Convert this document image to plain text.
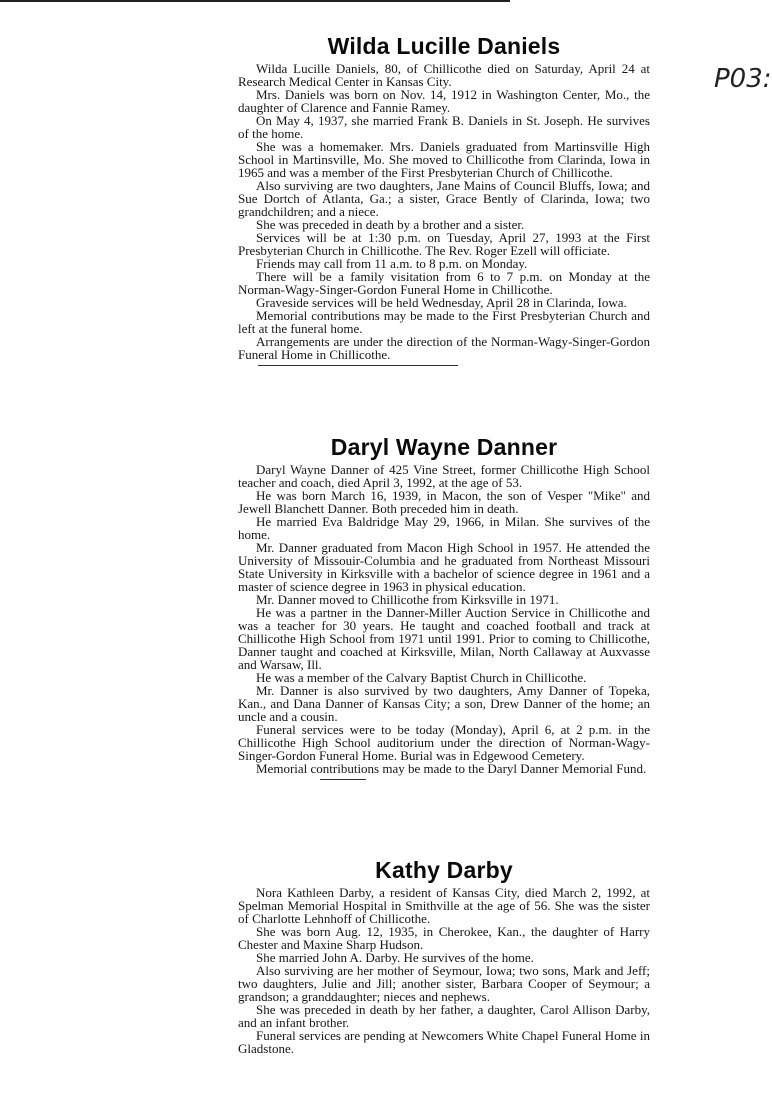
P03:
Wilda Lucille Daniels

Wilda Lucille Daniels, 80, of Chillicothe died on Saturday, April 24 at Research Medical Center in Kansas City.

Mrs. Daniels was born on Nov. 14, 1912 in Washington Center, Mo., the daughter of Clarence and Fannie Ramey.

On May 4, 1937, she married Frank B. Daniels in St. Joseph. He survives of the home.

She was a homemaker. Mrs. Daniels graduated from Martinsville High School in Martinsville, Mo. She moved to Chillicothe from Clarinda, Iowa in 1965 and was a member of the First Presbyterian Church of Chillicothe.

Also surviving are two daughters, Jane Mains of Council Bluffs, Iowa; and Sue Dortch of Atlanta, Ga.; a sister, Grace Bently of Clarinda, Iowa; two grandchildren; and a niece.

She was preceded in death by a brother and a sister.

Services will be at 1:30 p.m. on Tuesday, April 27, 1993 at the First Presbyterian Church in Chillicothe. The Rev. Roger Ezell will officiate.

Friends may call from 11 a.m. to 8 p.m. on Monday.

There will be a family visitation from 6 to 7 p.m. on Monday at the Norman-Wagy-Singer-Gordon Funeral Home in Chillicothe.

Graveside services will be held Wednesday, April 28 in Clarinda, Iowa.

Memorial contributions may be made to the First Presbyterian Church and left at the funeral home.

Arrangements are under the direction of the Norman-Wagy-Singer-Gordon Funeral Home in Chillicothe.

Daryl Wayne Danner

Daryl Wayne Danner of 425 Vine Street, former Chillicothe High School teacher and coach, died April 3, 1992, at the age of 53.

He was born March 16, 1939, in Macon, the son of Vesper "Mike" and Jewell Blanchett Danner. Both preceded him in death.

He married Eva Baldridge May 29, 1966, in Milan. She survives of the home.

Mr. Danner graduated from Macon High School in 1957. He attended the University of Missouir-Columbia and he graduated from Northeast Missouri State University in Kirksville with a bachelor of science degree in 1961 and a master of science degree in 1963 in physical education.

Mr. Danner moved to Chillicothe from Kirksville in 1971.

He was a partner in the Danner-Miller Auction Service in Chillicothe and was a teacher for 30 years. He taught and coached football and track at Chillicothe High School from 1971 until 1991. Prior to coming to Chillicothe, Danner taught and coached at Kirksville, Milan, North Callaway at Auxvasse and Warsaw, Ill.

He was a member of the Calvary Baptist Church in Chillicothe.

Mr. Danner is also survived by two daughters, Amy Danner of Topeka, Kan., and Dana Danner of Kansas City; a son, Drew Danner of the home; an uncle and a cousin.

Funeral services were to be today (Monday), April 6, at 2 p.m. in the Chillicothe High School auditorium under the direction of Norman-Wagy-Singer-Gordon Funeral Home. Burial was in Edgewood Cemetery.

Memorial contributions may be made to the Daryl Danner Memorial Fund.

Kathy Darby

Nora Kathleen Darby, a resident of Kansas City, died March 2, 1992, at Spelman Memorial Hospital in Smithville at the age of 56. She was the sister of Charlotte Lehnhoff of Chillicothe.

She was born Aug. 12, 1935, in Cherokee, Kan., the daughter of Harry Chester and Maxine Sharp Hudson.

She married John A. Darby. He survives of the home.

Also surviving are her mother of Seymour, Iowa; two sons, Mark and Jeff; two daughters, Julie and Jill; another sister, Barbara Cooper of Seymour; a grandson; a granddaughter; nieces and nephews.

She was preceded in death by her father, a daughter, Carol Allison Darby, and an infant brother.

Funeral services are pending at Newcomers White Chapel Funeral Home in Gladstone.
